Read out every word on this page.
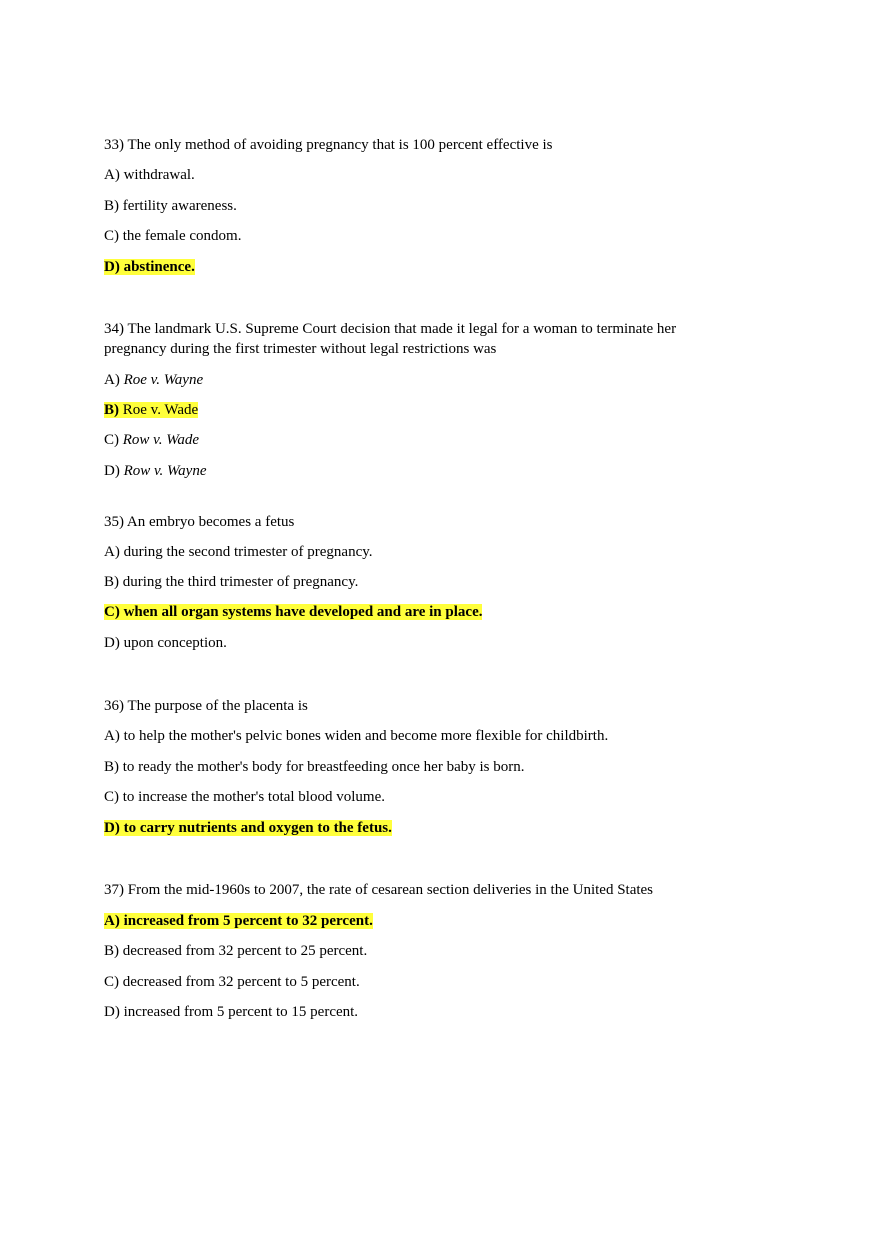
33) The only method of avoiding pregnancy that is 100 percent effective is
A) withdrawal.
B) fertility awareness.
C) the female condom.
D) abstinence.
34) The landmark U.S. Supreme Court decision that made it legal for a woman to terminate her
pregnancy during the first trimester without legal restrictions was
A) Roe v. Wayne
B) Roe v. Wade
C) Row v. Wade
D) Row v. Wayne
35) An embryo becomes a fetus
A) during the second trimester of pregnancy.
B) during the third trimester of pregnancy.
C) when all organ systems have developed and are in place.
D) upon conception.
36) The purpose of the placenta is
A) to help the mother's pelvic bones widen and become more flexible for childbirth.
B) to ready the mother's body for breastfeeding once her baby is born.
C) to increase the mother's total blood volume.
D) to carry nutrients and oxygen to the fetus.
37) From the mid-1960s to 2007, the rate of cesarean section deliveries in the United States
A) increased from 5 percent to 32 percent.
B) decreased from 32 percent to 25 percent.
C) decreased from 32 percent to 5 percent.
D) increased from 5 percent to 15 percent.
